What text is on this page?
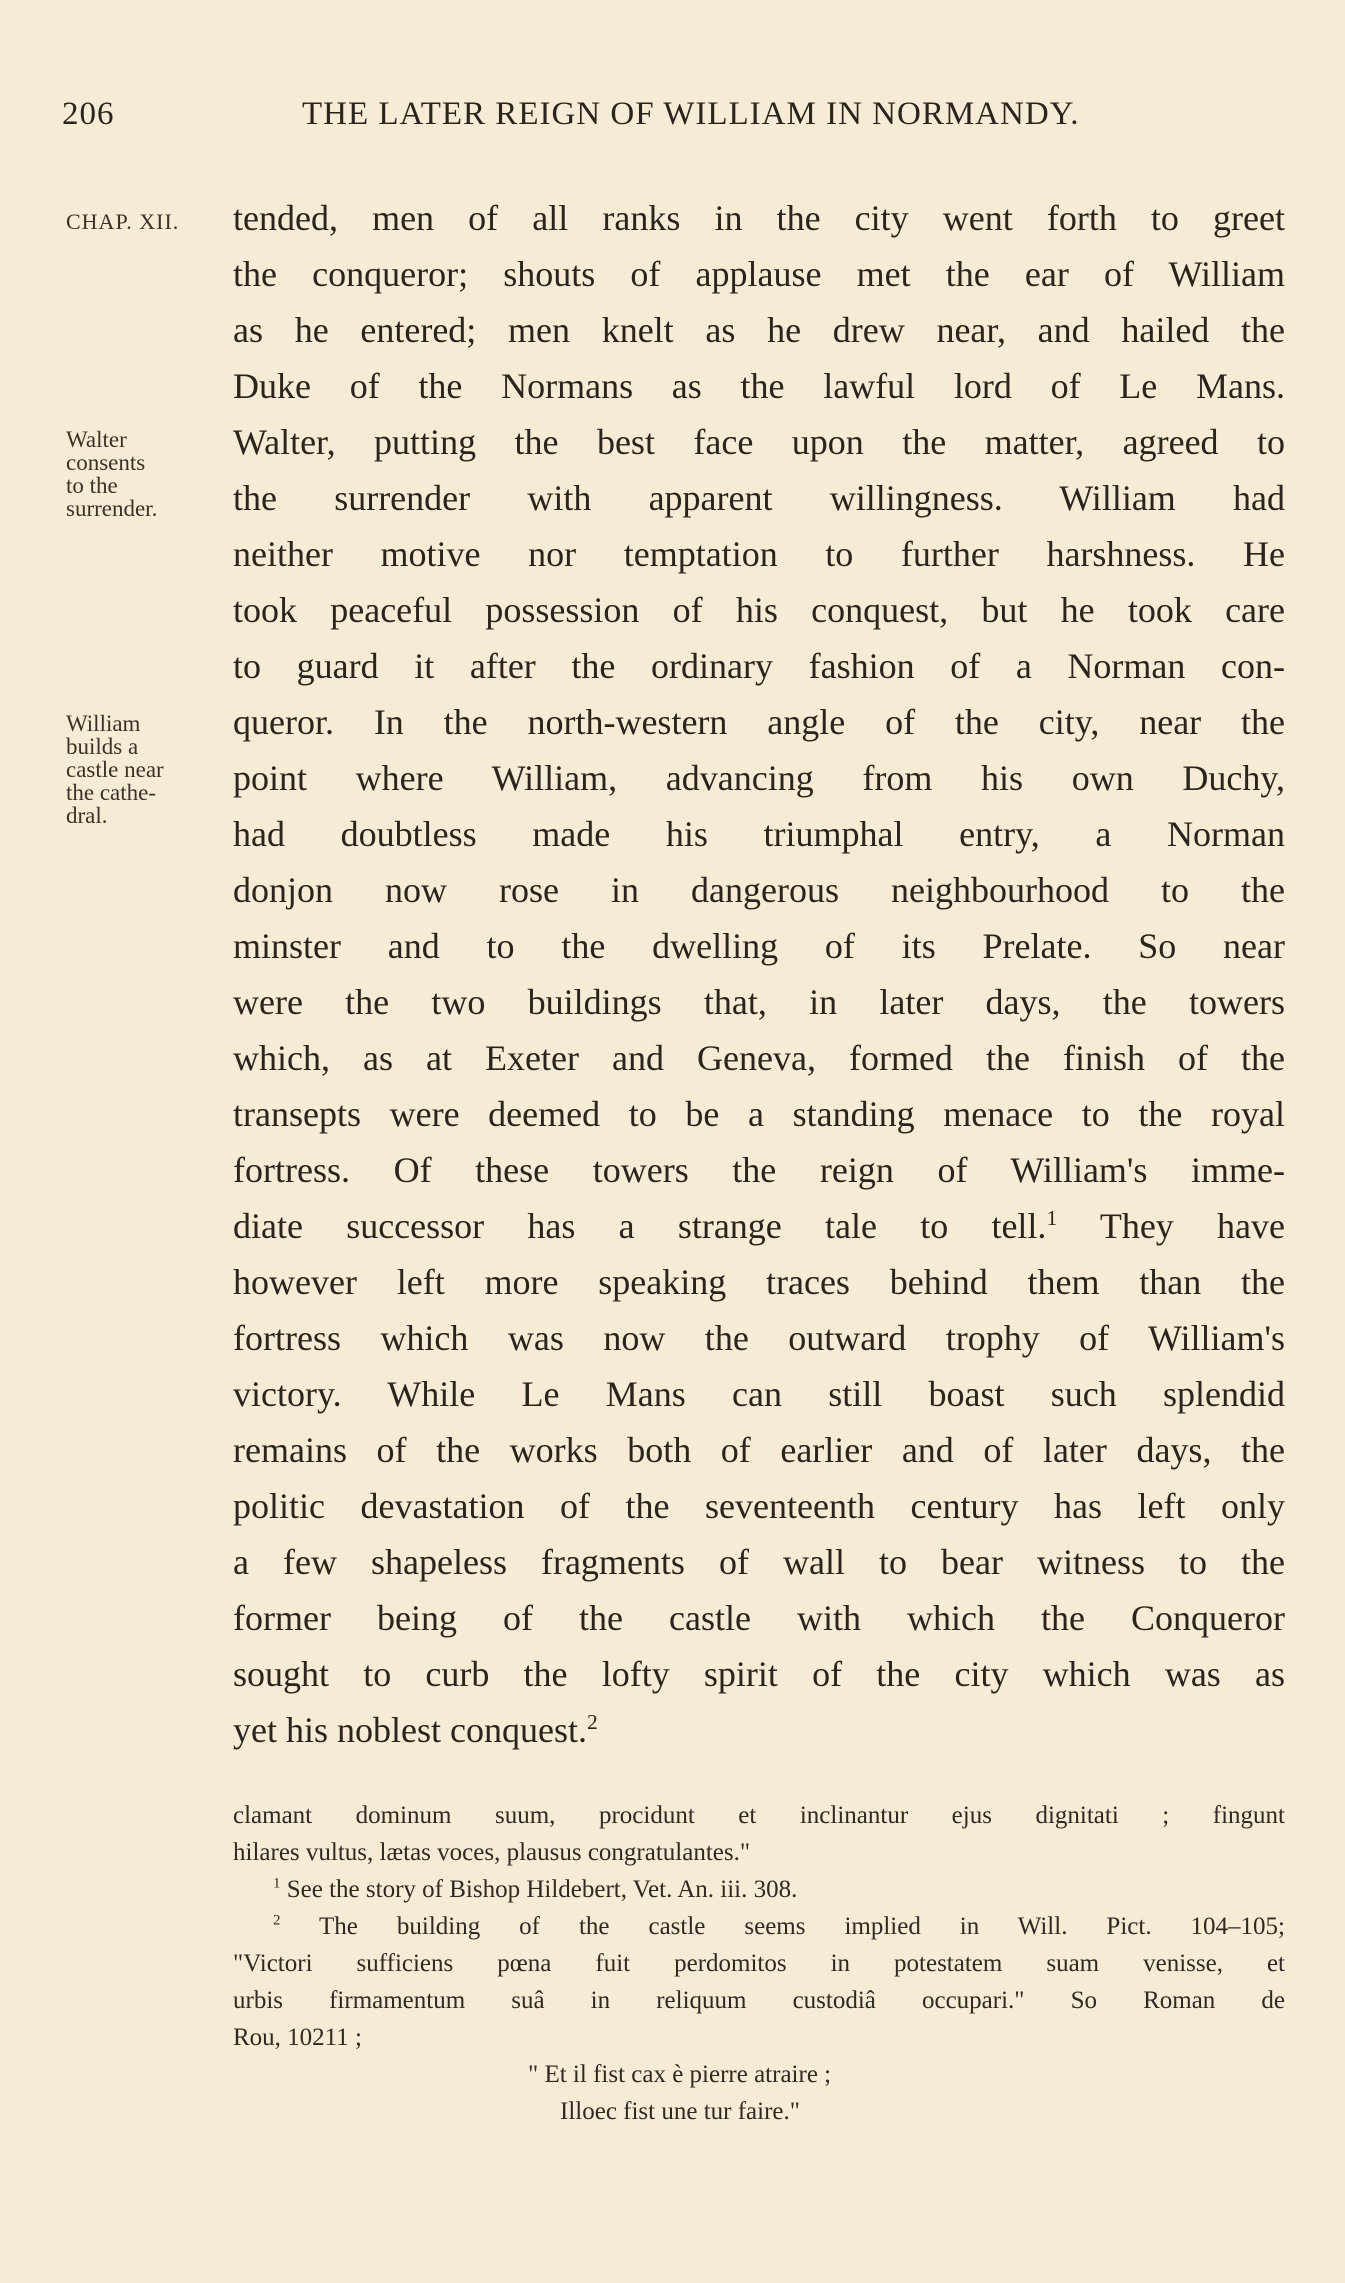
206	THE LATER REIGN OF WILLIAM IN NORMANDY.
CHAP. XII.
Walter
consents
to the
surrender.
William
builds a
castle near
the cathe-
dral.
tended, men of all ranks in the city went forth to greet
the conqueror; shouts of applause met the ear of William
as he entered; men knelt as he drew near, and hailed the
Duke of the Normans as the lawful lord of Le Mans.
Walter, putting the best face upon the matter, agreed to
the surrender with apparent willingness. William had
neither motive nor temptation to further harshness. He
took peaceful possession of his conquest, but he took care
to guard it after the ordinary fashion of a Norman con-
queror. In the north-western angle of the city, near the
point where William, advancing from his own Duchy,
had doubtless made his triumphal entry, a Norman
donjon now rose in dangerous neighbourhood to the
minster and to the dwelling of its Prelate. So near
were the two buildings that, in later days, the towers
which, as at Exeter and Geneva, formed the finish of the
transepts were deemed to be a standing menace to the royal
fortress. Of these towers the reign of William's imme-
diate successor has a strange tale to tell.$^1$ They have
however left more speaking traces behind them than the
fortress which was now the outward trophy of William's
victory. While Le Mans can still boast such splendid
remains of the works both of earlier and of later days, the
politic devastation of the seventeenth century has left only
a few shapeless fragments of wall to bear witness to the
former being of the castle with which the Conqueror
sought to curb the lofty spirit of the city which was as
yet his noblest conquest.$^2$
clamant dominum suum, procidunt et inclinantur ejus dignitati ; fingunt
hilares vultus, lætas voces, plausus congratulantes."
$^1$ See the story of Bishop Hildebert, Vet. An. iii. 308.
$^2$ The building of the castle seems implied in Will. Pict. 104–105;
"Victori sufficiens pœna fuit perdomitos in potestatem suam venisse, et
urbis firmamentum suâ in reliquum custodiâ occupari." So Roman de
Rou, 10211 ;
" Et il fist cax è pierre atraire ;
Illoec fist une tur faire."
